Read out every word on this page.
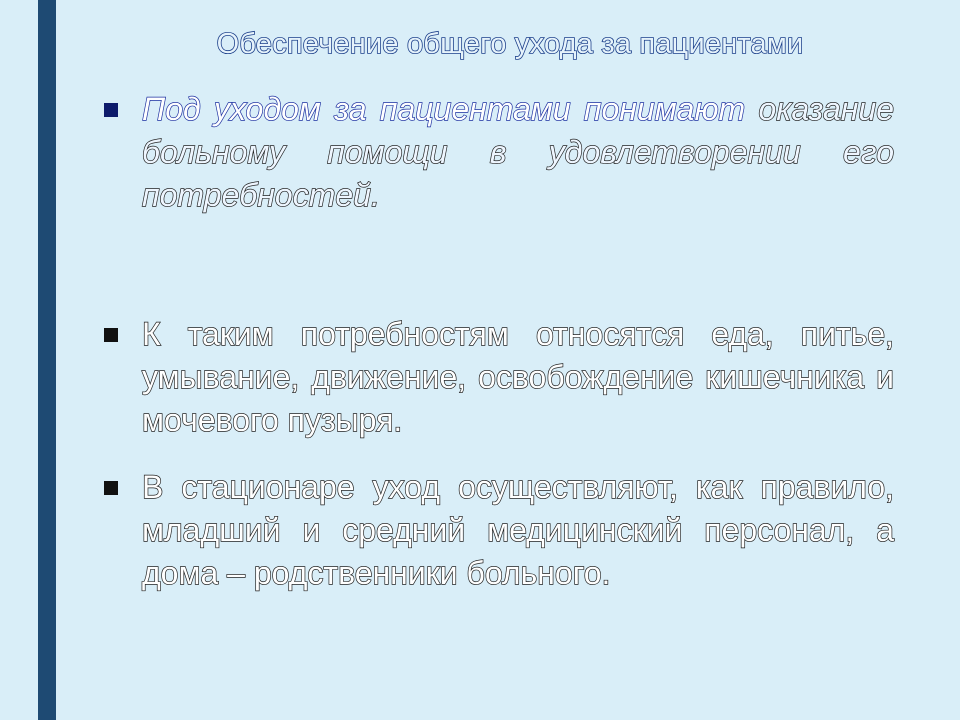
Обеспечение общего ухода за пациентами
Под уходом за пациентами понимают оказание больному помощи в удовлетворении его потребностей.
К таким потребностям относятся еда, питье, умывание, движение, освобождение кишечника и мочевого пузыря.
В стационаре уход осуществляют, как правило, младший и средний медицинский персонал, а дома – родственники больного.
